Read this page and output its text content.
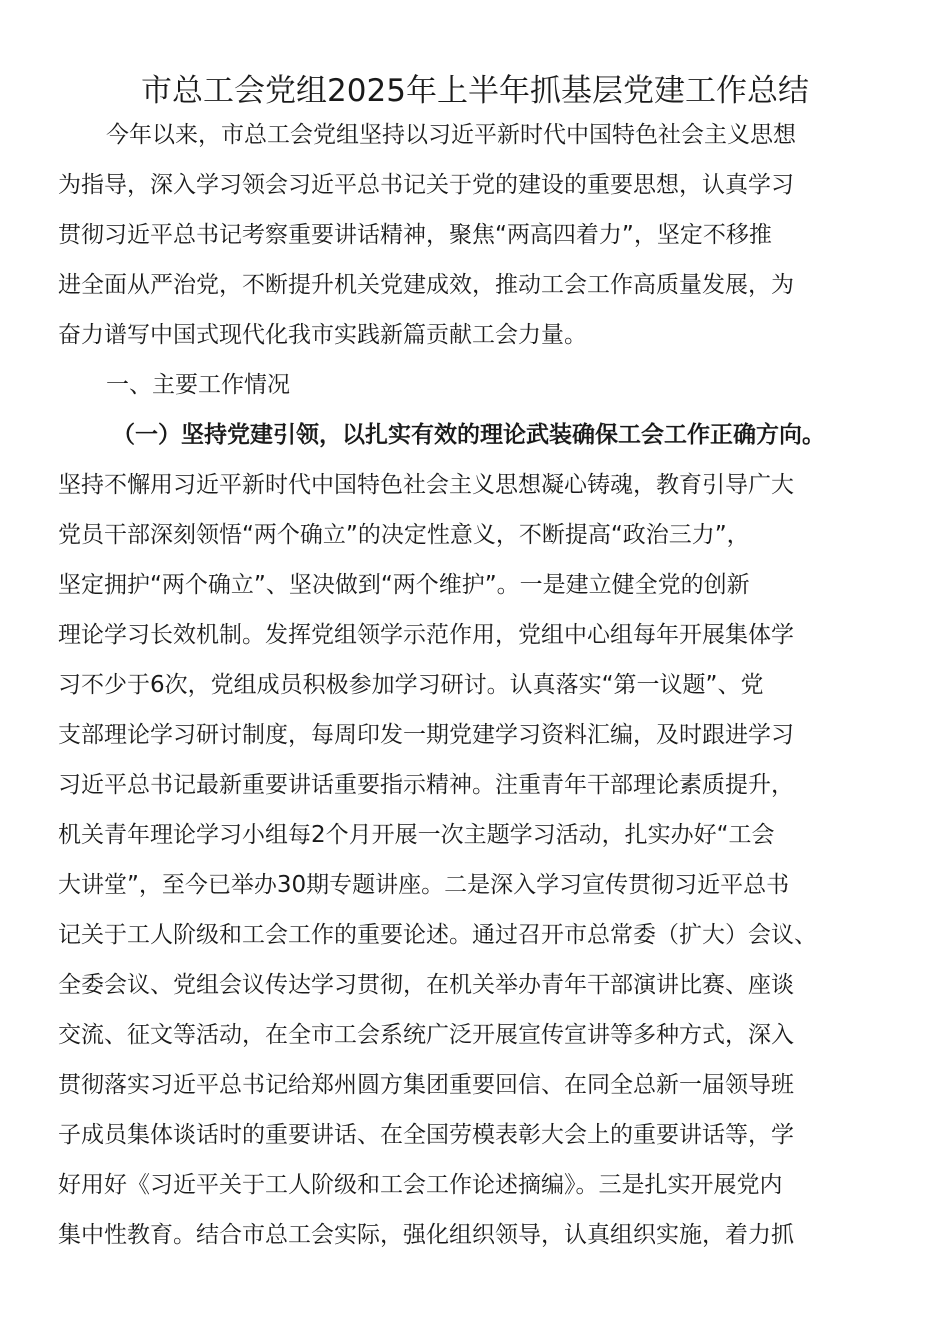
市总工会党组2025年上半年抓基层党建工作总结

今年以来，市总工会党组坚持以习近平新时代中国特色社会主义思想

为指导，深入学习领会习近平总书记关于党的建设的重要思想，认真学习

贯彻习近平总书记考察重要讲话精神，聚焦“两高四着力”，坚定不移推

进全面从严治党，不断提升机关党建成效，推动工会工作高质量发展，为

奋力谱写中国式现代化我市实践新篇贡献工会力量。

一、主要工作情况

（一）坚持党建引领，以扎实有效的理论武装确保工会工作正确方向。

坚持不懈用习近平新时代中国特色社会主义思想凝心铸魂，教育引导广大

党员干部深刻领悟“两个确立”的决定性意义，不断提高“政治三力”，

坚定拥护“两个确立”、坚决做到“两个维护”。一是建立健全党的创新

理论学习长效机制。发挥党组领学示范作用，党组中心组每年开展集体学

习不少于6次，党组成员积极参加学习研讨。认真落实“第一议题”、党

支部理论学习研讨制度，每周印发一期党建学习资料汇编，及时跟进学习

习近平总书记最新重要讲话重要指示精神。注重青年干部理论素质提升，

机关青年理论学习小组每2个月开展一次主题学习活动，扎实办好“工会

大讲堂”，至今已举办30期专题讲座。二是深入学习宣传贯彻习近平总书

记关于工人阶级和工会工作的重要论述。通过召开市总常委（扩大）会议、

全委会议、党组会议传达学习贯彻，在机关举办青年干部演讲比赛、座谈

交流、征文等活动，在全市工会系统广泛开展宣传宣讲等多种方式，深入

贯彻落实习近平总书记给郑州圆方集团重要回信、在同全总新一届领导班

子成员集体谈话时的重要讲话、在全国劳模表彰大会上的重要讲话等，学

好用好《习近平关于工人阶级和工会工作论述摘编》。三是扎实开展党内

集中性教育。结合市总工会实际，强化组织领导，认真组织实施，着力抓
